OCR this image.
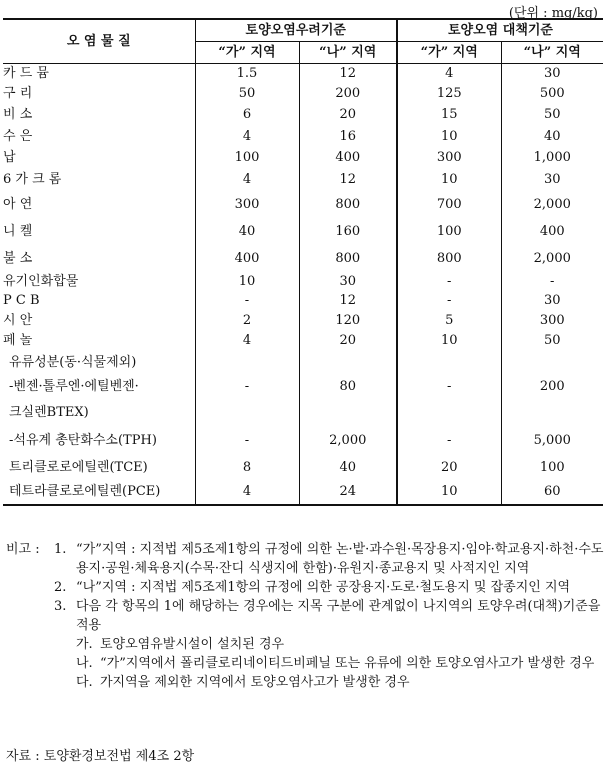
(단위 : mg/kg)
오 염 물 질	토양오염우려기준		토양오염 대책기준	
	“가” 지역	“나” 지역	“가” 지역	“나” 지역
카 드 뮴	1.5	12	4	30
구 리	50	200	125	500
비 소	6	20	15	50
수 은	4	16	10	40
납	100	400	300	1,000
6 가 크 롬	4	12	10	30
아 연	300	800	700	2,000
니 켈	40	160	100	400
불 소	400	800	800	2,000
유기인화합물	10	30	-	-
P C B	-	12	-	30
시 안	2	120	5	300
페 놀	4	20	10	50
유류성분(동·식물제외)				
-벤젠·톨루엔·에틸벤젠·	-	80	-	200
크실렌BTEX)				
-석유계 총탄화수소(TPH)	-	2,000	-	5,000
트리클로로에틸렌(TCE)	8	40	20	100
테트라클로로에틸렌(PCE)	4	24	10	60
비고 :	1. “가”지역 : 지적법 제5조제1항의 규정에 의한 논·밭·과수원·목장용지·임야·학교용지·하천·수도용지·공원·체육용지(수목·잔디 식생지에 한함)·유원지·종교용지 및 사적지인 지역
2. “나”지역 : 지적법 제5조제1항의 규정에 의한 공장용지·도로·철도용지 및 잡종지인 지역
3. 다음 각 항목의 1에 해당하는 경우에는 지목 구분에 관계없이 나지역의 토양우려(대책)기준을 적용
가. 토양오염유발시설이 설치된 경우
나. “가”지역에서 폴리클로리네이티드비페닐 또는 유류에 의한 토양오염사고가 발생한 경우
다. 가지역을 제외한 지역에서 토양오염사고가 발생한 경우
자료 : 토양환경보전법 제4조 2항
